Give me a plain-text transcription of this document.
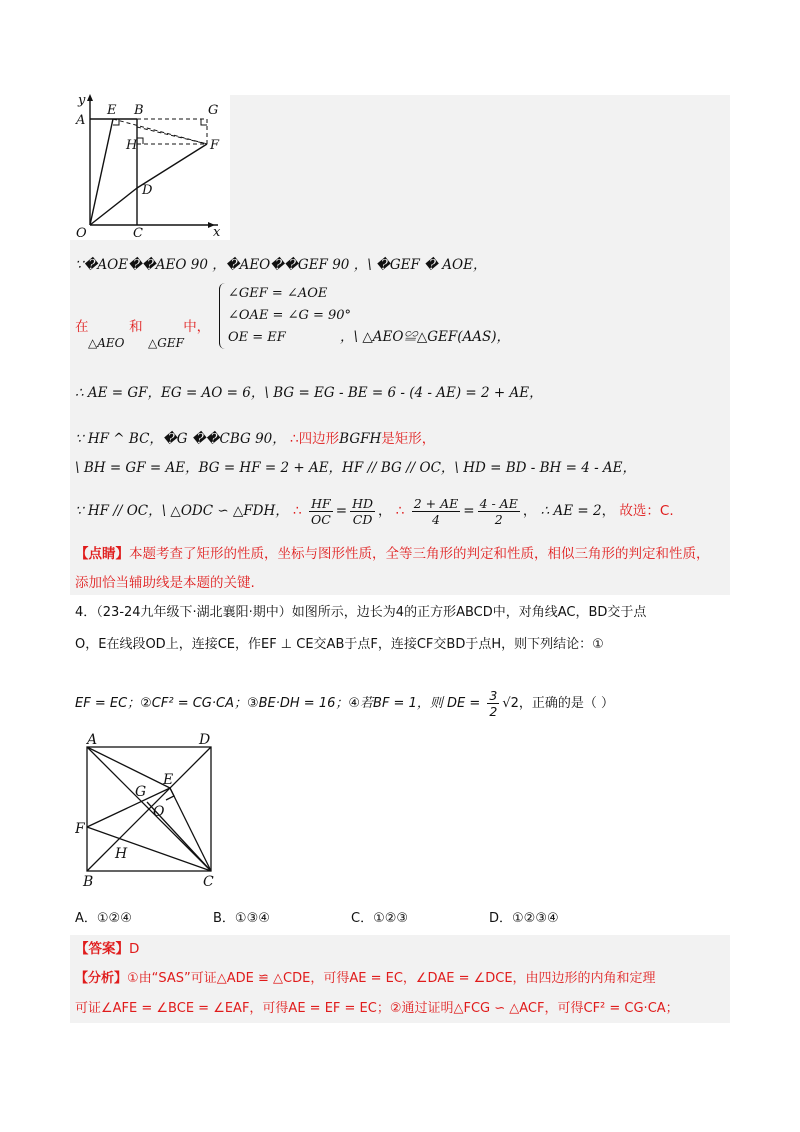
y
x
O
A
E B	G
H	F
D
C
∵�AOE��AEO 90 ，�AEO��GEF 90 ，\ �GEF � AOE，
在	和	中，
△AEO △GEF
∠GEF = ∠AOE
∠OAE = ∠G = 90°
OE = EF	，\ △AEO≌△GEF(AAS)，
∴ AE = GF，EG = AO = 6，\ BG = EG - BE = 6 - (4 - AE) = 2 + AE，
∵ HF ^ BC，�G ��CBG 90， ∴四边形BGFH是矩形，
\ BH = GF = AE，BG = HF = 2 + AE，HF // BG // OC，\ HD = BD - BH = 4 - AE，
∵ HF // OC，\ △ODC ∽ △FDH， ∴ $\frac{HF}{OC} = \frac{HD}{CD}$ ， ∴ $\frac{2 + AE}{4} = \frac{4 - AE}{2}$ ， ∴ AE = 2， 故选：C.
【点睛】本题考查了矩形的性质，坐标与图形性质，全等三角形的判定和性质，相似三角形的判定和性质，
添加恰当辅助线是本题的关键.
4．（23-24九年级下·湖北襄阳·期中）如图所示，边长为4的正方形ABCD中，对角线AC，BD交于点
O，E在线段OD上，连接CE，作EF ⊥ CE交AB于点F，连接CF交BD于点H，则下列结论：①
EF = EC；②CF² = CG·CA；③BE·DH = 16；④若BF = 1，则 DE = $\frac{3}{2} √2$，正确的是（ ）
A	D
E
G
O
F
H
B	C
A．①②④	B．①③④	C．①②③	D．①②③④
【答案】D
【分析】①由“SAS”可证△ADE ≌ △CDE，可得AE = EC，∠DAE = ∠DCE，由四边形的内角和定理
可证∠AFE = ∠BCE = ∠EAF，可得AE = EF = EC；②通过证明△FCG ∽ △ACF，可得CF² = CG·CA；
